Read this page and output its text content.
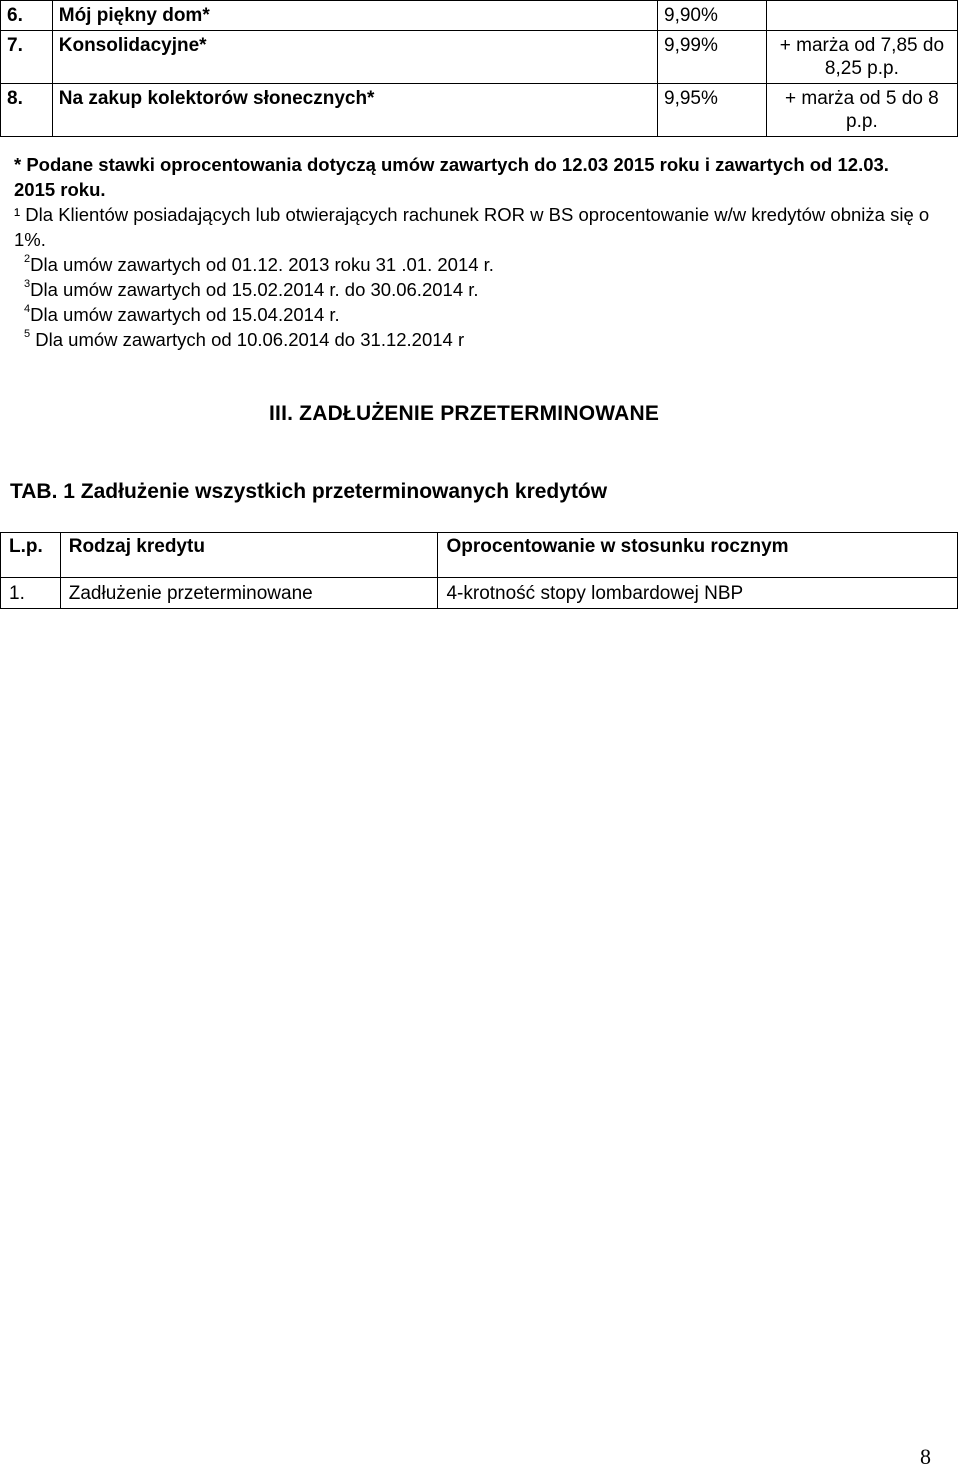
6.	Mój piękny dom*	9,90%	
7.	Konsolidacyjne*	9,99%	+ marża od 7,85 do 8,25 p.p.
8.	Na zakup kolektorów słonecznych*	9,95%	+ marża od 5 do 8 p.p.

* Podane stawki oprocentowania dotyczą umów zawartych do 12.03 2015 roku i zawartych od 12.03. 2015 roku.

¹ Dla Klientów posiadających lub otwierających rachunek ROR w BS oprocentowanie w/w kredytów obniża się o 1%.

$^2$Dla umów zawartych od 01.12. 2013 roku 31 .01. 2014 r.

$^3$Dla umów zawartych od 15.02.2014 r. do 30.06.2014 r.

$^4$Dla umów zawartych od 15.04.2014 r.

$^5$ Dla umów zawartych od 10.06.2014 do 31.12.2014 r

III. ZADŁUŻENIE PRZETERMINOWANE
TAB. 1 Zadłużenie wszystkich przeterminowanych kredytów
L.p.	Rodzaj kredytu	Oprocentowanie w stosunku rocznym
1.	Zadłużenie przeterminowane	4-krotność stopy lombardowej NBP
8
